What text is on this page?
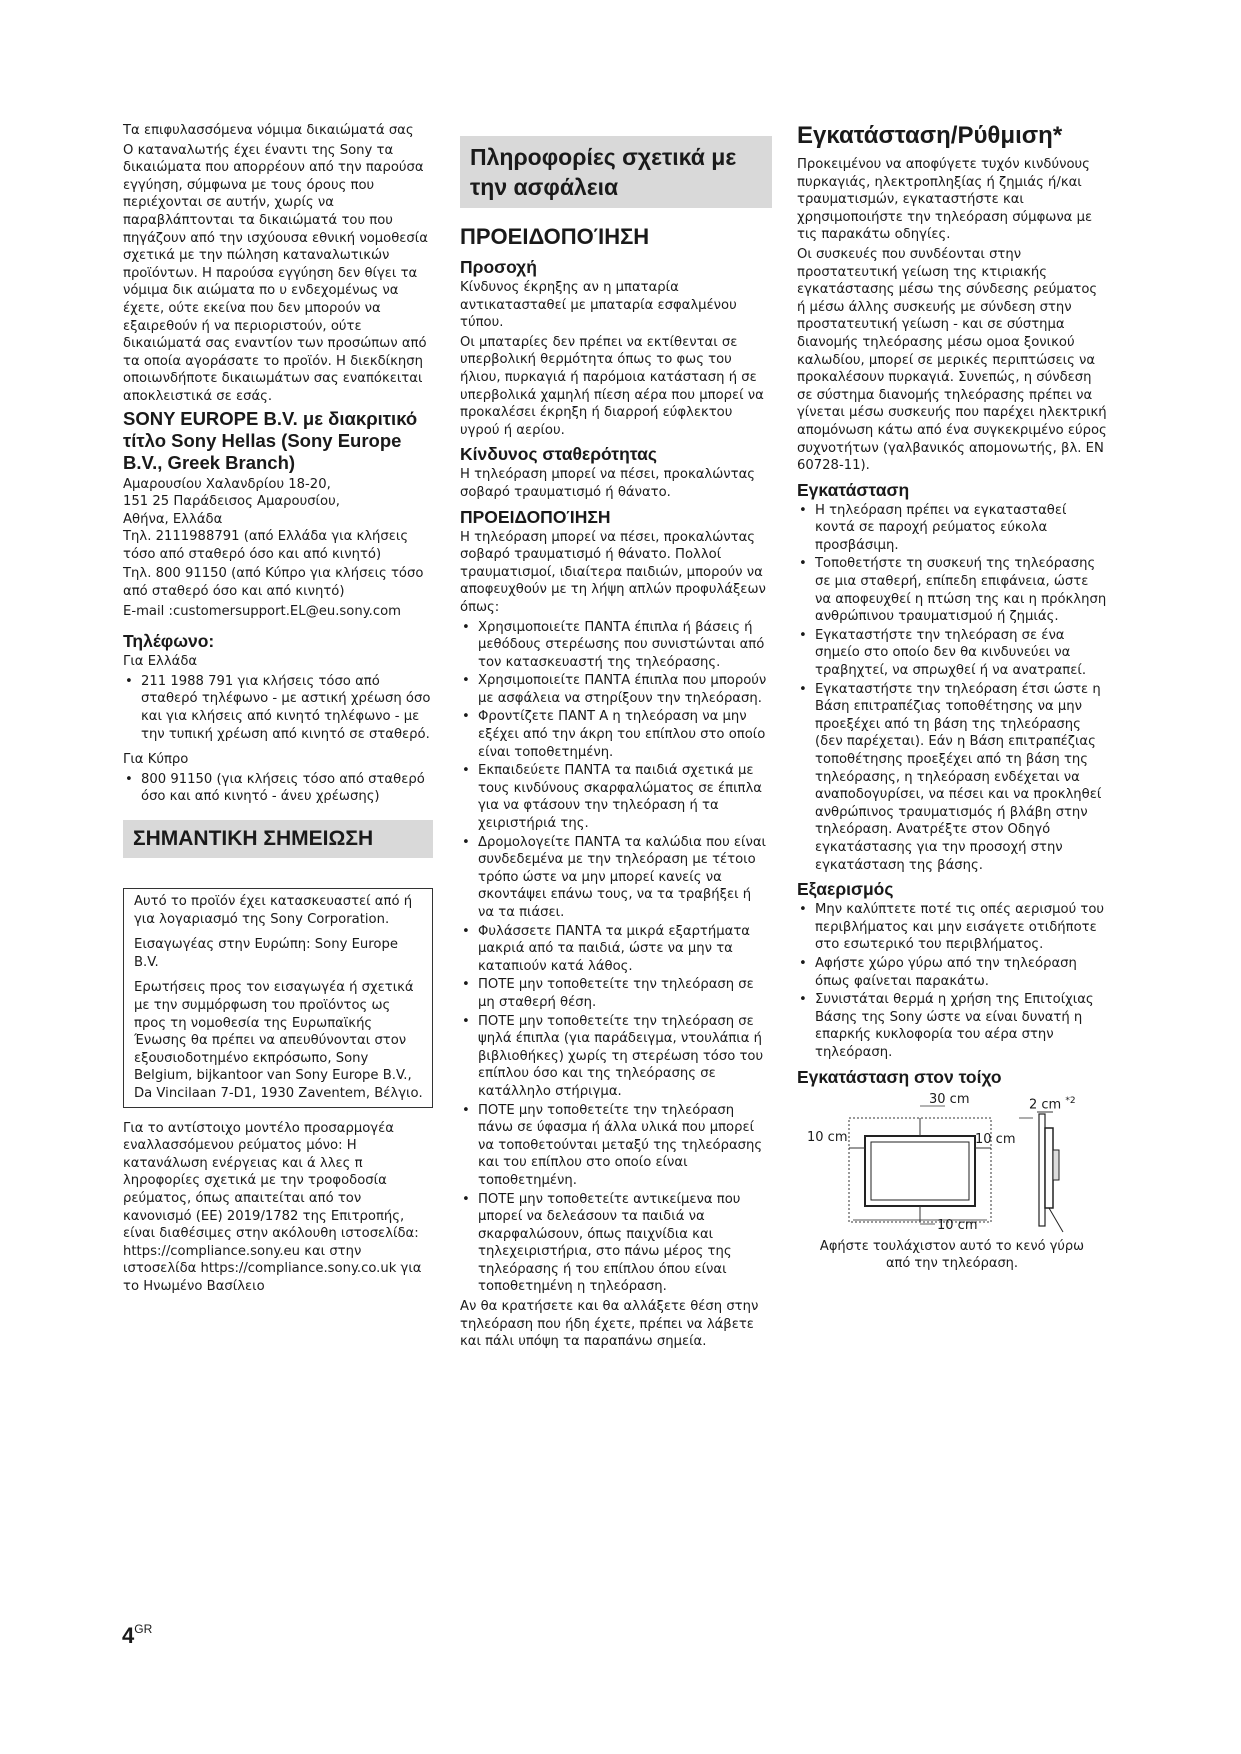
Τα επιφυλασσόμενα νόμιμα δικαιώματά σας

Ο καταναλωτής έχει έναντι της Sony τα δικαιώματα που απορρέουν από την παρούσα εγγύηση, σύμφωνα με τους όρους που περιέχονται σε αυτήν, χωρίς να παραβλάπτονται τα δικαιώματά του που πηγάζουν από την ισχύουσα εθνική νομοθεσία σχετικά με την πώληση καταναλωτικών προϊόντων. Η παρούσα εγγύηση δεν θίγει τα νόμιμα δικ αιώματα πο υ ενδεχομένως να έχετε, ούτε εκείνα που δεν μπορούν να εξαιρεθούν ή να περιοριστούν, ούτε δικαιώματά σας εναντίον των προσώπων από τα οποία αγοράσατε το προϊόν. Η διεκδίκηση οποιωνδήποτε δικαιωμάτων σας εναπόκειται αποκλειστικά σε εσάς.

SONY EUROPE B.V. με διακριτικό τίτλο Sony Hellas (Sony Europe B.V., Greek Branch)
Αμαρουσίου Χαλανδρίου 18-20,
151 25 Παράδεισος Αμαρουσίου,
Αθήνα, Ελλάδα

Τηλ. 2111988791 (από Ελλάδα για κλήσεις τόσο από σταθερό όσο και από κινητό)

Τηλ. 800 91150 (από Κύπρο για κλήσεις τόσο από σταθερό όσο και από κινητό)

E-mail :customersupport.EL@eu.sony.com

Τηλέφωνο:

Για Ελλάδα

• 211 1988 791 για κλήσεις τόσο από σταθερό τηλέφωνο - με αστική χρέωση όσο και για κλήσεις από κινητό τηλέφωνο - με την τυπική χρέωση από κινητό σε σταθερό.

Για Κύπρο

• 800 91150 (για κλήσεις τόσο από σταθερό όσο και από κινητό - άνευ χρέωσης)
ΣΗΜΑΝΤΙΚΗ ΣΗΜΕΙΩΣΗ

Αυτό το προϊόν έχει κατασκευαστεί από ή για λογαριασμό της Sony Corporation.

Εισαγωγέας στην Ευρώπη: Sony Europe B.V.

Ερωτήσεις προς τον εισαγωγέα ή σχετικά με την συμμόρφωση του προϊόντος ως προς τη νομοθεσία της Ευρωπαϊκής Ένωσης θα πρέπει να απευθύνονται στον εξουσιοδοτημένο εκπρόσωπο, Sony Belgium, bijkantoor van Sony Europe B.V., Da Vincilaan 7-D1, 1930 Zaventem, Βέλγιο.

Για το αντίστοιχο μοντέλο προσαρμογέα εναλλασσόμενου ρεύματος μόνο: Η κατανάλωση ενέργειας και ά λλες π ληροφορίες σχετικά με την τροφοδοσία ρεύματος, όπως απαιτείται από τον κανονισμό (ΕΕ) 2019/1782 της Επιτροπής, είναι διαθέσιμες στην ακόλουθη ιστοσελίδα: https://compliance.sony.eu και στην ιστοσελίδα https://compliance.sony.co.uk για το Ηνωμένο Βασίλειο

Πληροφορίες σχετικά με την ασφάλεια
ΠΡΟΕΙΔΟΠΟΊΗΣΗ
Προσοχή

Κίνδυνος έκρηξης αν η μπαταρία αντικατασταθεί με μπαταρία εσφαλμένου τύπου.

Οι μπαταρίες δεν πρέπει να εκτίθενται σε υπερβολική θερμότητα όπως το φως του ήλιου, πυρκαγιά ή παρόμοια κατάσταση ή σε υπερβολικά χαμηλή πίεση αέρα που μπορεί να προκαλέσει έκρηξη ή διαρροή εύφλεκτου υγρού ή αερίου.

Κίνδυνος σταθερότητας

Η τηλεόραση μπορεί να πέσει, προκαλώντας σοβαρό τραυματισμό ή θάνατο.

ΠΡΟΕΙΔΟΠΟΊΗΣΗ

Η τηλεόραση μπορεί να πέσει, προκαλώντας σοβαρό τραυματισμό ή θάνατο. Πολλοί τραυματισμοί, ιδιαίτερα παιδιών, μπορούν να αποφευχθούν με τη λήψη απλών προφυλάξεων όπως:

• Χρησιμοποιείτε ΠΑΝΤΑ έπιπλα ή βάσεις ή μεθόδους στερέωσης που συνιστώνται από τον κατασκευαστή της τηλεόρασης.
• Χρησιμοποιείτε ΠΑΝΤΑ έπιπλα που μπορούν με ασφάλεια να στηρίξουν την τηλεόραση.
• Φροντίζετε ΠΑΝΤ Α η τηλεόραση να μην εξέχει από την άκρη του επίπλου στο οποίο είναι τοποθετημένη.
• Εκπαιδεύετε ΠΑΝΤΑ τα παιδιά σχετικά με τους κινδύνους σκαρφαλώματος σε έπιπλα για να φτάσουν την τηλεόραση ή τα χειριστήριά της.
• Δρομολογείτε ΠΑΝΤΑ τα καλώδια που είναι συνδεδεμένα με την τηλεόραση με τέτοιο τρόπο ώστε να μην μπορεί κανείς να σκοντάψει επάνω τους, να τα τραβήξει ή να τα πιάσει.
• Φυλάσσετε ΠΑΝΤΑ τα μικρά εξαρτήματα μακριά από τα παιδιά, ώστε να μην τα καταπιούν κατά λάθος.
• ΠΟΤΕ μην τοποθετείτε την τηλεόραση σε μη σταθερή θέση.
• ΠΟΤΕ μην τοποθετείτε την τηλεόραση σε ψηλά έπιπλα (για παράδειγμα, ντουλάπια ή βιβλιοθήκες) χωρίς τη στερέωση τόσο του επίπλου όσο και της τηλεόρασης σε κατάλληλο στήριγμα.
• ΠΟΤΕ μην τοποθετείτε την τηλεόραση πάνω σε ύφασμα ή άλλα υλικά που μπορεί να τοποθετούνται μεταξύ της τηλεόρασης και του επίπλου στο οποίο είναι τοποθετημένη.
• ΠΟΤΕ μην τοποθετείτε αντικείμενα που μπορεί να δελεάσουν τα παιδιά να σκαρφαλώσουν, όπως παιχνίδια και τηλεχειριστήρια, στο πάνω μέρος της τηλεόρασης ή του επίπλου όπου είναι τοποθετημένη η τηλεόραση.

Αν θα κρατήσετε και θα αλλάξετε θέση στην τηλεόραση που ήδη έχετε, πρέπει να λάβετε και πάλι υπόψη τα παραπάνω σημεία.

Εγκατάσταση/Ρύθμιση*

Προκειμένου να αποφύγετε τυχόν κινδύνους πυρκαγιάς, ηλεκτροπληξίας ή ζημιάς ή/και τραυματισμών, εγκαταστήστε και χρησιμοποιήστε την τηλεόραση σύμφωνα με τις παρακάτω οδηγίες.

Οι συσκευές που συνδέονται στην προστατευτική γείωση της κτιριακής εγκατάστασης μέσω της σύνδεσης ρεύματος ή μέσω άλλης συσκευής με σύνδεση στην προστατευτική γείωση - και σε σύστημα διανομής τηλεόρασης μέσω ομοα ξονικού καλωδίου, μπορεί σε μερικές περιπτώσεις να προκαλέσουν πυρκαγιά. Συνεπώς, η σύνδεση σε σύστημα διανομής τηλεόρασης πρέπει να γίνεται μέσω συσκευής που παρέχει ηλεκτρική απομόνωση κάτω από ένα συγκεκριμένο εύρος συχνοτήτων (γαλβανικός απομονωτής, βλ. EN 60728-11).

Εγκατάσταση
• Η τηλεόραση πρέπει να εγκατασταθεί κοντά σε παροχή ρεύματος εύκολα προσβάσιμη.
• Τοποθετήστε τη συσκευή της τηλεόρασης σε μια σταθερή, επίπεδη επιφάνεια, ώστε να αποφευχθεί η πτώση της και η πρόκληση ανθρώπινου τραυματισμού ή ζημιάς.
• Εγκαταστήστε την τηλεόραση σε ένα σημείο στο οποίο δεν θα κινδυνεύει να τραβηχτεί, να σπρωχθεί ή να ανατραπεί.
• Εγκαταστήστε την τηλεόραση έτσι ώστε η Βάση επιτραπέζιας τοποθέτησης να μην προεξέχει από τη βάση της τηλεόρασης (δεν παρέχεται). Εάν η Βάση επιτραπέζιας τοποθέτησης προεξέχει από τη βάση της τηλεόρασης, η τηλεόραση ενδέχεται να αναποδογυρίσει, να πέσει και να προκληθεί ανθρώπινος τραυματισμός ή βλάβη στην τηλεόραση. Ανατρέξτε στον Οδηγό εγκατάστασης για την προσοχή στην εγκατάσταση της βάσης.
Εξαερισμός
• Μην καλύπτετε ποτέ τις οπές αερισμού του περιβλήματος και μην εισάγετε οτιδήποτε στο εσωτερικό του περιβλήματος.
• Αφήστε χώρο γύρω από την τηλεόραση όπως φαίνεται παρακάτω.
• Συνιστάται θερμά η χρήση της Επιτοίχιας Βάσης της Sony ώστε να είναι δυνατή η επαρκής κυκλοφορία του αέρα στην τηλεόραση.
Εγκατάσταση στον τοίχο
30 cm
10 cm	10 cm
10 cm
2 cm $^{*2}$
Αφήστε τουλάχιστον αυτό το κενό γύρω από την τηλεόραση.
$4^{GR}$
